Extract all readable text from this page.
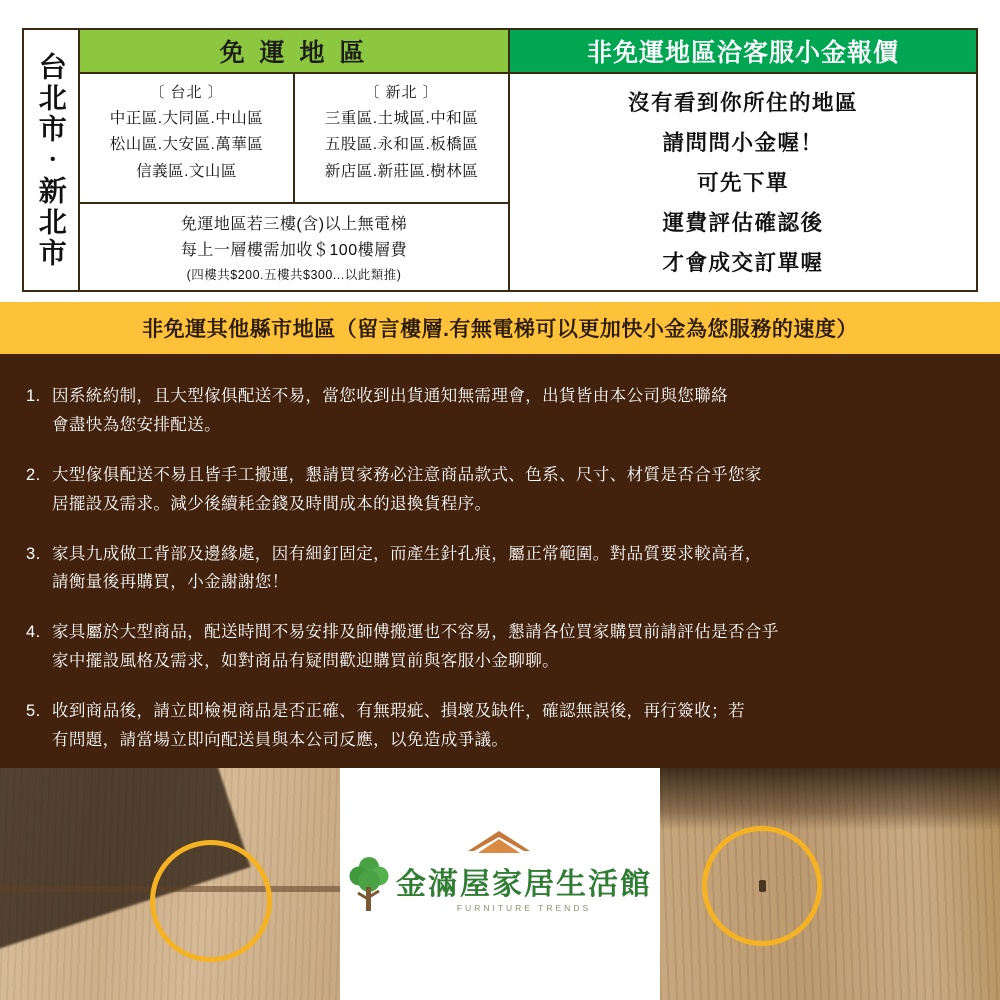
台北市‧新北市	免 運 地 區
〔 台北 〕
中正區.大同區.中山區
松山區.大安區.萬華區
信義區.文山區
〔 新北 〕
三重區.土城區.中和區
五股區.永和區.板橋區
新店區.新莊區.樹林區
免運地區若三樓(含)以上無電梯
每上一層樓需加收＄100樓層費
(四樓共$200.五樓共$300...以此類推)
非免運地區洽客服小金報價
沒有看到你所住的地區
請問問小金喔！
可先下單
運費評估確認後
才會成交訂單喔
非免運其他縣市地區（留言樓層.有無電梯可以更加快小金為您服務的速度）
1. 因系統約制，且大型傢俱配送不易，當您收到出貨通知無需理會，出貨皆由本公司與您聯絡
會盡快為您安排配送。
2. 大型傢俱配送不易且皆手工搬運，懇請買家務必注意商品款式、色系、尺寸、材質是否合乎您家
居擺設及需求。減少後續耗金錢及時間成本的退換貨程序。
3. 家具九成做工背部及邊緣處，因有細釘固定，而產生針孔痕，屬正常範圍。對品質要求較高者，
請衡量後再購買，小金謝謝您！
4. 家具屬於大型商品，配送時間不易安排及師傅搬運也不容易，懇請各位買家購買前請評估是否合乎
家中擺設風格及需求，如對商品有疑問歡迎購買前與客服小金聊聊。
5. 收到商品後，請立即檢視商品是否正確、有無瑕疵、損壞及缺件，確認無誤後，再行簽收；若
有問題，請當場立即向配送員與本公司反應，以免造成爭議。
金滿屋家居生活館
FURNITURE TRENDS
